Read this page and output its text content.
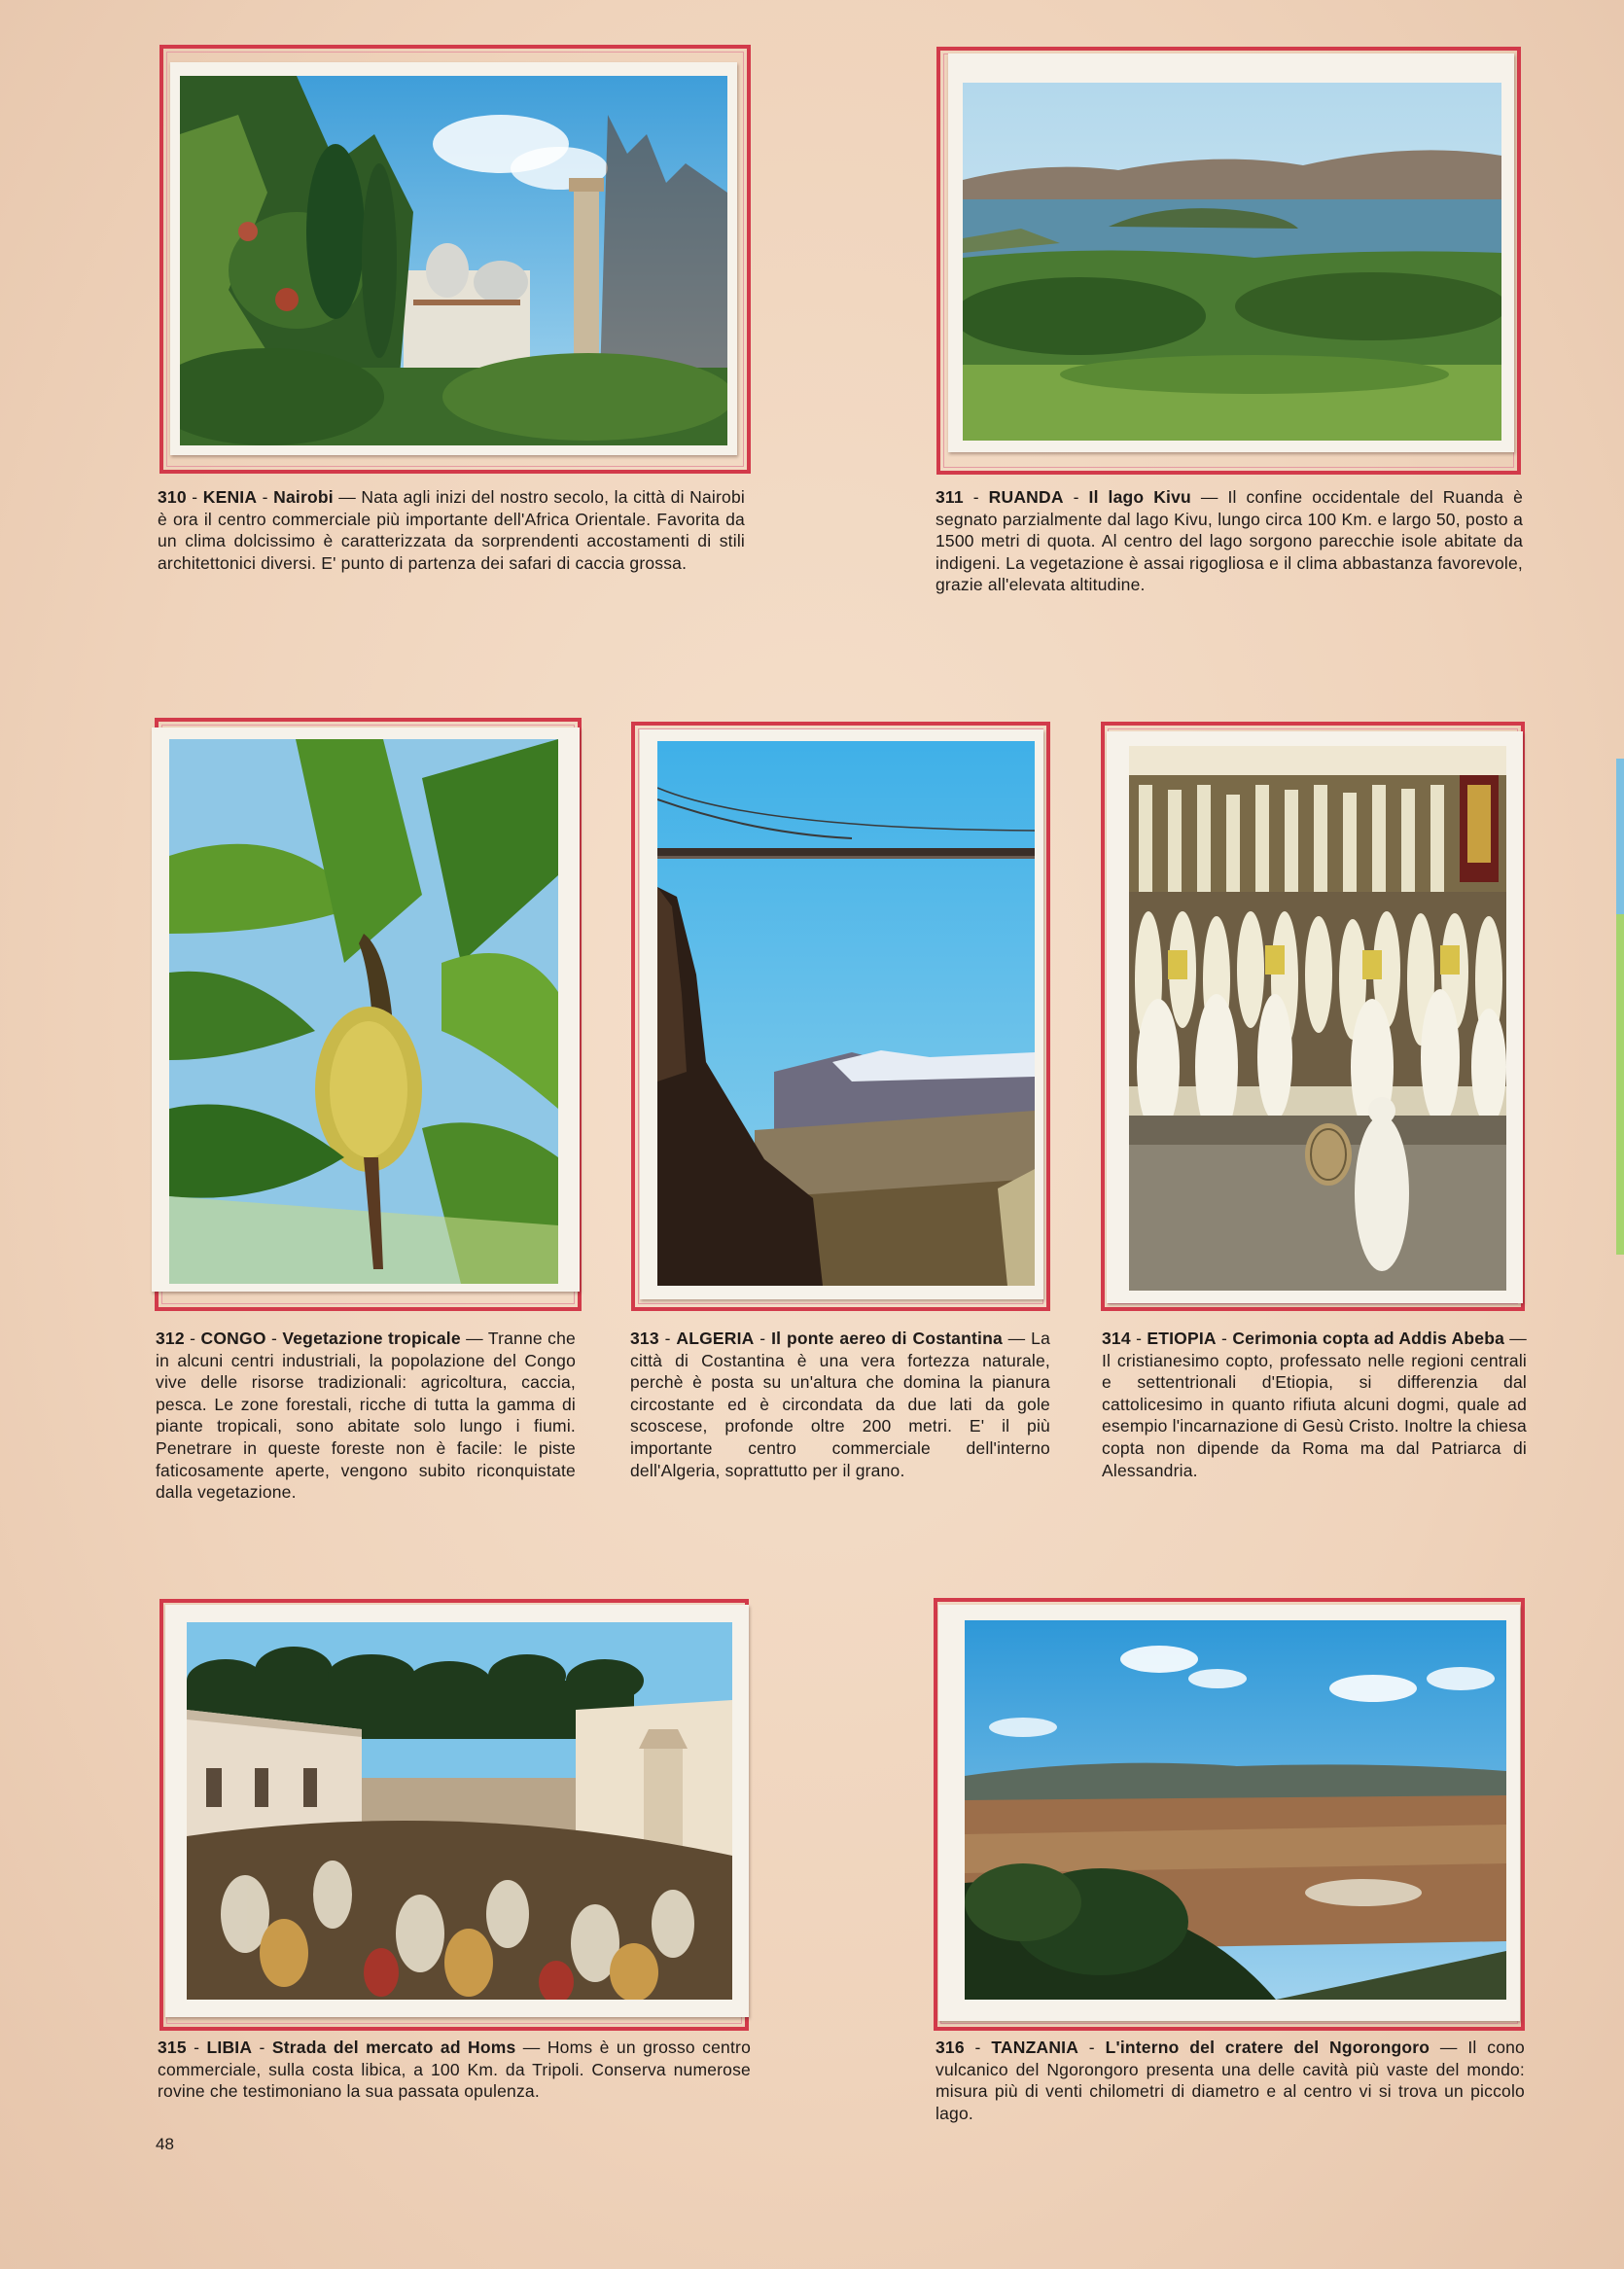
310 - KENIA - Nairobi — Nata agli inizi del nostro secolo, la città di Nairobi è ora il centro commerciale più importante dell'Africa Orientale. Favorita da un clima dolcissimo è caratterizzata da sorprendenti accostamenti di stili architettonici diversi. E' punto di partenza dei safari di caccia grossa.
311 - RUANDA - Il lago Kivu — Il confine occidentale del Ruanda è segnato parzialmente dal lago Kivu, lungo circa 100 Km. e largo 50, posto a 1500 metri di quota. Al centro del lago sorgono parecchie isole abitate da indigeni. La vegetazione è assai rigogliosa e il clima abbastanza favorevole, grazie all'elevata altitudine.
312 - CONGO - Vegetazione tropicale — Tranne che in alcuni centri industriali, la popolazione del Congo vive delle risorse tradizionali: agricoltura, caccia, pesca. Le zone forestali, ricche di tutta la gamma di piante tropicali, sono abitate solo lungo i fiumi. Penetrare in queste foreste non è facile: le piste faticosamente aperte, vengono subito riconquistate dalla vegetazione.
313 - ALGERIA - Il ponte aereo di Costantina — La città di Costantina è una vera fortezza naturale, perchè è posta su un'altura che domina la pianura circostante ed è circondata da due lati da gole scoscese, profonde oltre 200 metri. E' il più importante centro commerciale dell'interno dell'Algeria, soprattutto per il grano.
314 - ETIOPIA - Cerimonia copta ad Addis Abeba — Il cristianesimo copto, professato nelle regioni centrali e settentrionali d'Etiopia, si differenzia dal cattolicesimo in quanto rifiuta alcuni dogmi, quale ad esempio l'incarnazione di Gesù Cristo. Inoltre la chiesa copta non dipende da Roma ma dal Patriarca di Alessandria.
315 - LIBIA - Strada del mercato ad Homs — Homs è un grosso centro commerciale, sulla costa libica, a 100 Km. da Tripoli. Conserva numerose rovine che testimoniano la sua passata opulenza.
316 - TANZANIA - L'interno del cratere del Ngorongoro — Il cono vulcanico del Ngorongoro presenta una delle cavità più vaste del mondo: misura più di venti chilometri di diametro e al centro vi si trova un piccolo lago.
48
